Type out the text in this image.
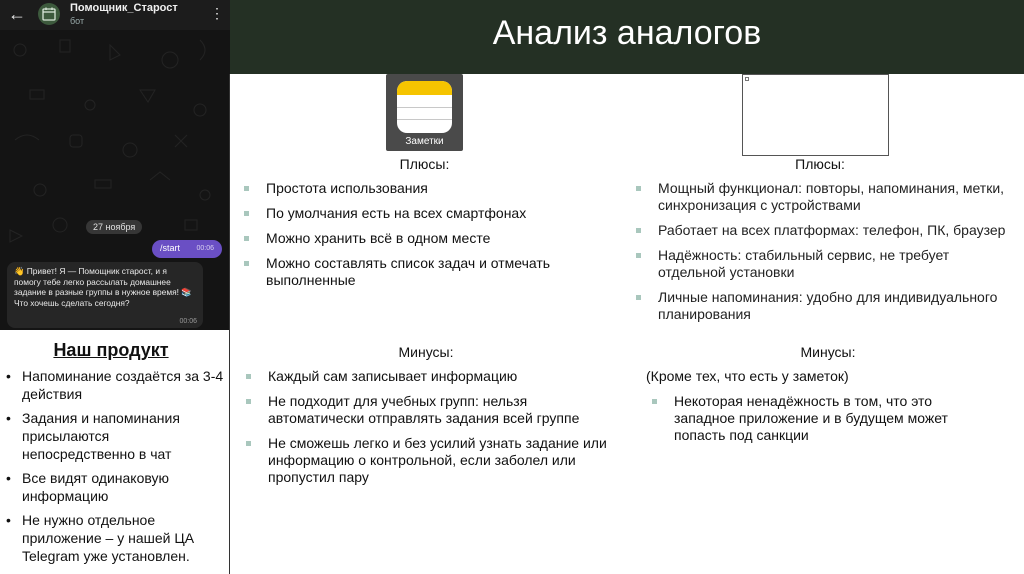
Анализ аналогов
←	Помощник_Старост
бот	⋮
27 ноября
/start 00:06
👋 Привет! Я — Помощник старост, и я помогу тебе легко рассылать домашнее задание в разные группы в нужное время! 📚
Что хочешь сделать сегодня?
00:06
Наш продукт
• Напоминание создаётся за 3-4 действия
• Задания и напоминания присылаются непосредственно в чат
• Все видят одинаковую информацию
• Не нужно отдельное приложение – у нашей ЦА Telegram уже установлен.
Заметки
Плюсы:
Простота использования
По умолчания есть на всех смартфонах
Можно хранить всё в одном месте
Можно составлять список задач и отмечать выполненные
Минусы:
Каждый сам записывает информацию
Не подходит для учебных групп: нельзя автоматически отправлять задания всей группе
Не сможешь легко и без усилий узнать задание или информацию о контрольной, если заболел или пропустил пару
Плюсы:
Мощный функционал: повторы, напоминания, метки, синхронизация с устройствами
Работает на всех платформах: телефон, ПК, браузер
Надёжность: стабильный сервис, не требует отдельной установки
Личные напоминания: удобно для индивидуального планирования
Минусы:
(Кроме тех, что есть у заметок)
Некоторая ненадёжность в том, что это западное приложение и в будущем может попасть под санкции
